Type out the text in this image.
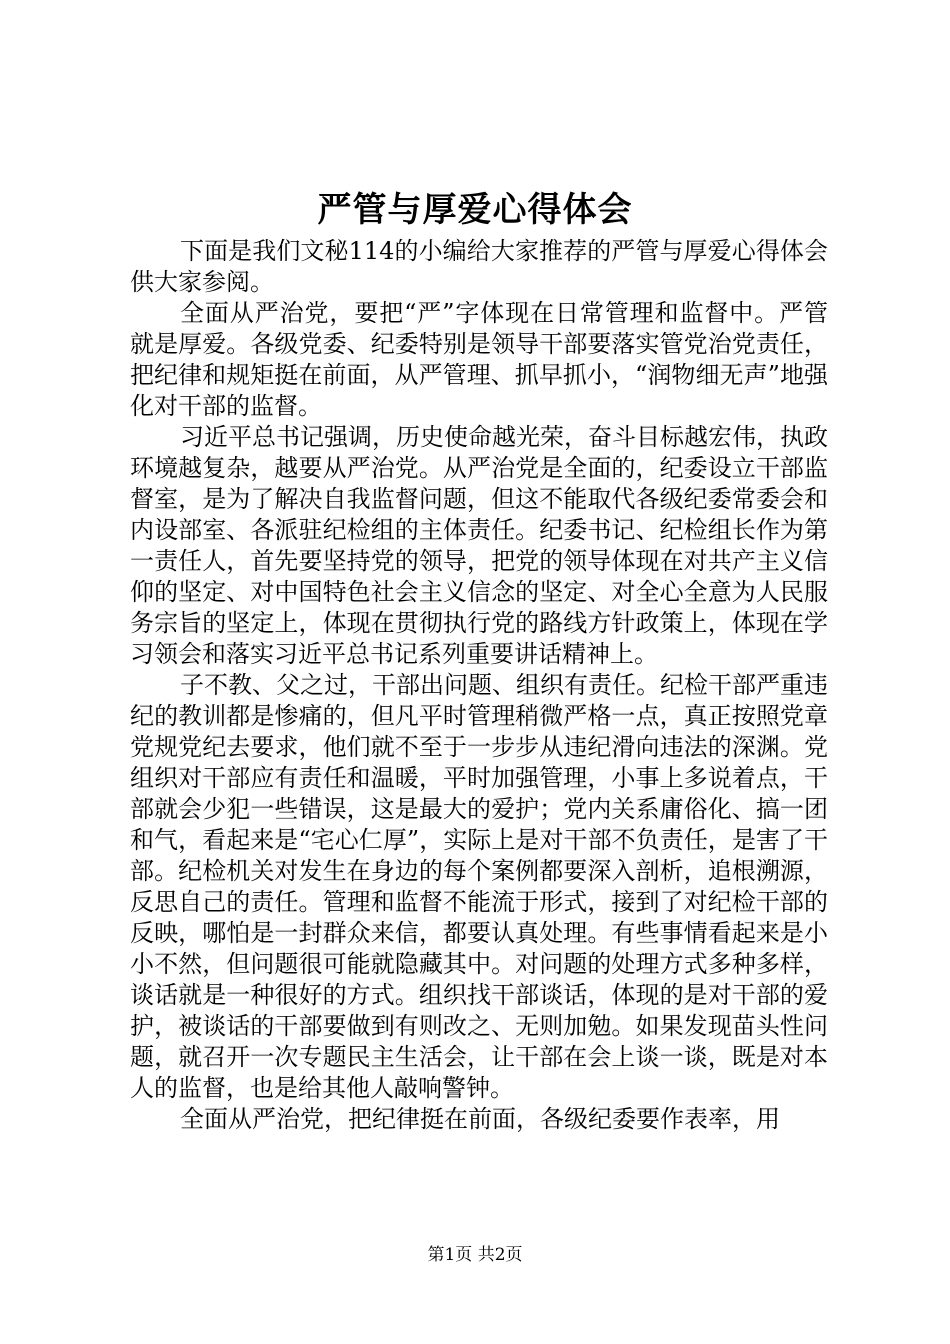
严管与厚爱心得体会

下面是我们文秘114的小编给大家推荐的严管与厚爱心得体会供大家参阅。

全面从严治党，要把“严”字体现在日常管理和监督中。严管就是厚爱。各级党委、纪委特别是领导干部要落实管党治党责任，把纪律和规矩挺在前面，从严管理、抓早抓小，“润物细无声”地强化对干部的监督。

习近平总书记强调，历史使命越光荣，奋斗目标越宏伟，执政环境越复杂，越要从严治党。从严治党是全面的，纪委设立干部监督室，是为了解决自我监督问题，但这不能取代各级纪委常委会和内设部室、各派驻纪检组的主体责任。纪委书记、纪检组长作为第一责任人，首先要坚持党的领导，把党的领导体现在对共产主义信仰的坚定、对中国特色社会主义信念的坚定、对全心全意为人民服务宗旨的坚定上，体现在贯彻执行党的路线方针政策上，体现在学习领会和落实习近平总书记系列重要讲话精神上。

子不教、父之过，干部出问题、组织有责任。纪检干部严重违纪的教训都是惨痛的，但凡平时管理稍微严格一点，真正按照党章党规党纪去要求，他们就不至于一步步从违纪滑向违法的深渊。党组织对干部应有责任和温暖，平时加强管理，小事上多说着点，干部就会少犯一些错误，这是最大的爱护；党内关系庸俗化、搞一团和气，看起来是“宅心仁厚”，实际上是对干部不负责任，是害了干部。纪检机关对发生在身边的每个案例都要深入剖析，追根溯源，反思自己的责任。管理和监督不能流于形式，接到了对纪检干部的反映，哪怕是一封群众来信，都要认真处理。有些事情看起来是小小不然，但问题很可能就隐藏其中。对问题的处理方式多种多样，谈话就是一种很好的方式。组织找干部谈话，体现的是对干部的爱护，被谈话的干部要做到有则改之、无则加勉。如果发现苗头性问题，就召开一次专题民主生活会，让干部在会上谈一谈，既是对本人的监督，也是给其他人敲响警钟。

全面从严治党，把纪律挺在前面，各级纪委要作表率，用

第1页 共2页
